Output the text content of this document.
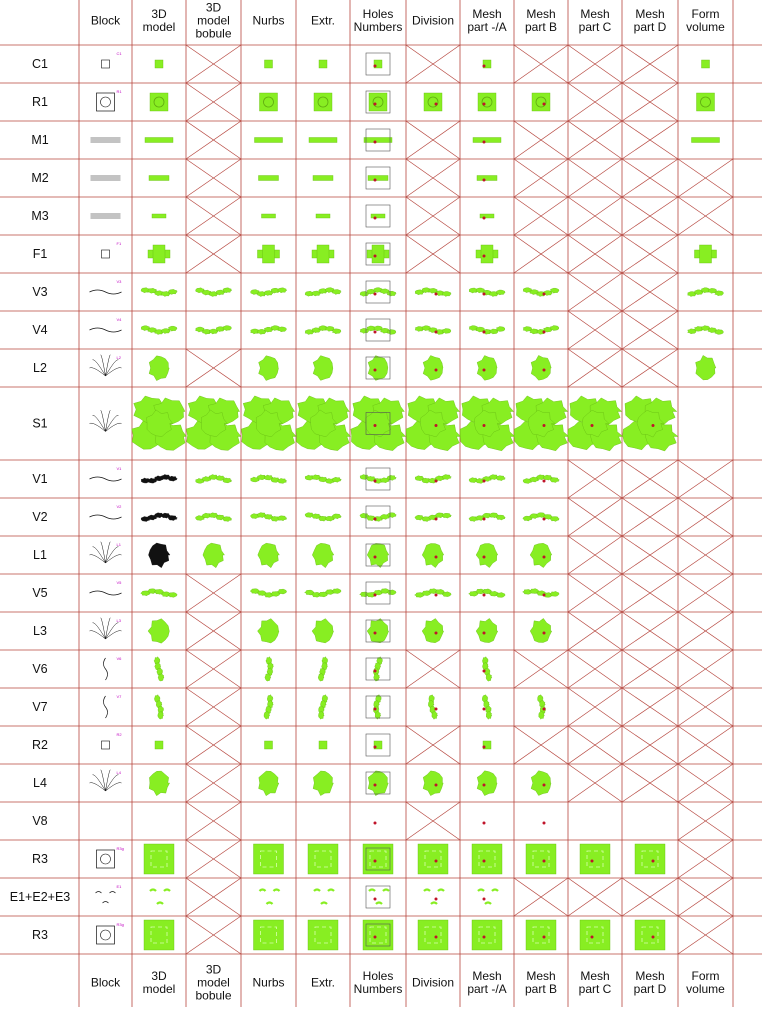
C1
R1
F1
V3
V4
L2
V1
V2
L1
V5
L3
V6
V7
R2
L4
R3g
E1
R3g
Block	3D
model
3D
model
bobule
Nurbs Extr. Holes
Numbers Division Mesh
part -/A
Mesh
part B
Mesh
part C
Mesh
part D
Form
volume
Block	3D
model
3D
model
bobule
Nurbs Extr. Holes
Numbers Division Mesh
part -/A
Mesh
part B
Mesh
part C
Mesh
part D
Form
volume
C1
R1
M1
M2
M3
F1
V3
V4
L2
S1
V1
V2
L1
V5
L3
V6
V7
R2
L4
V8
R3
E1+E2+E3
R3
